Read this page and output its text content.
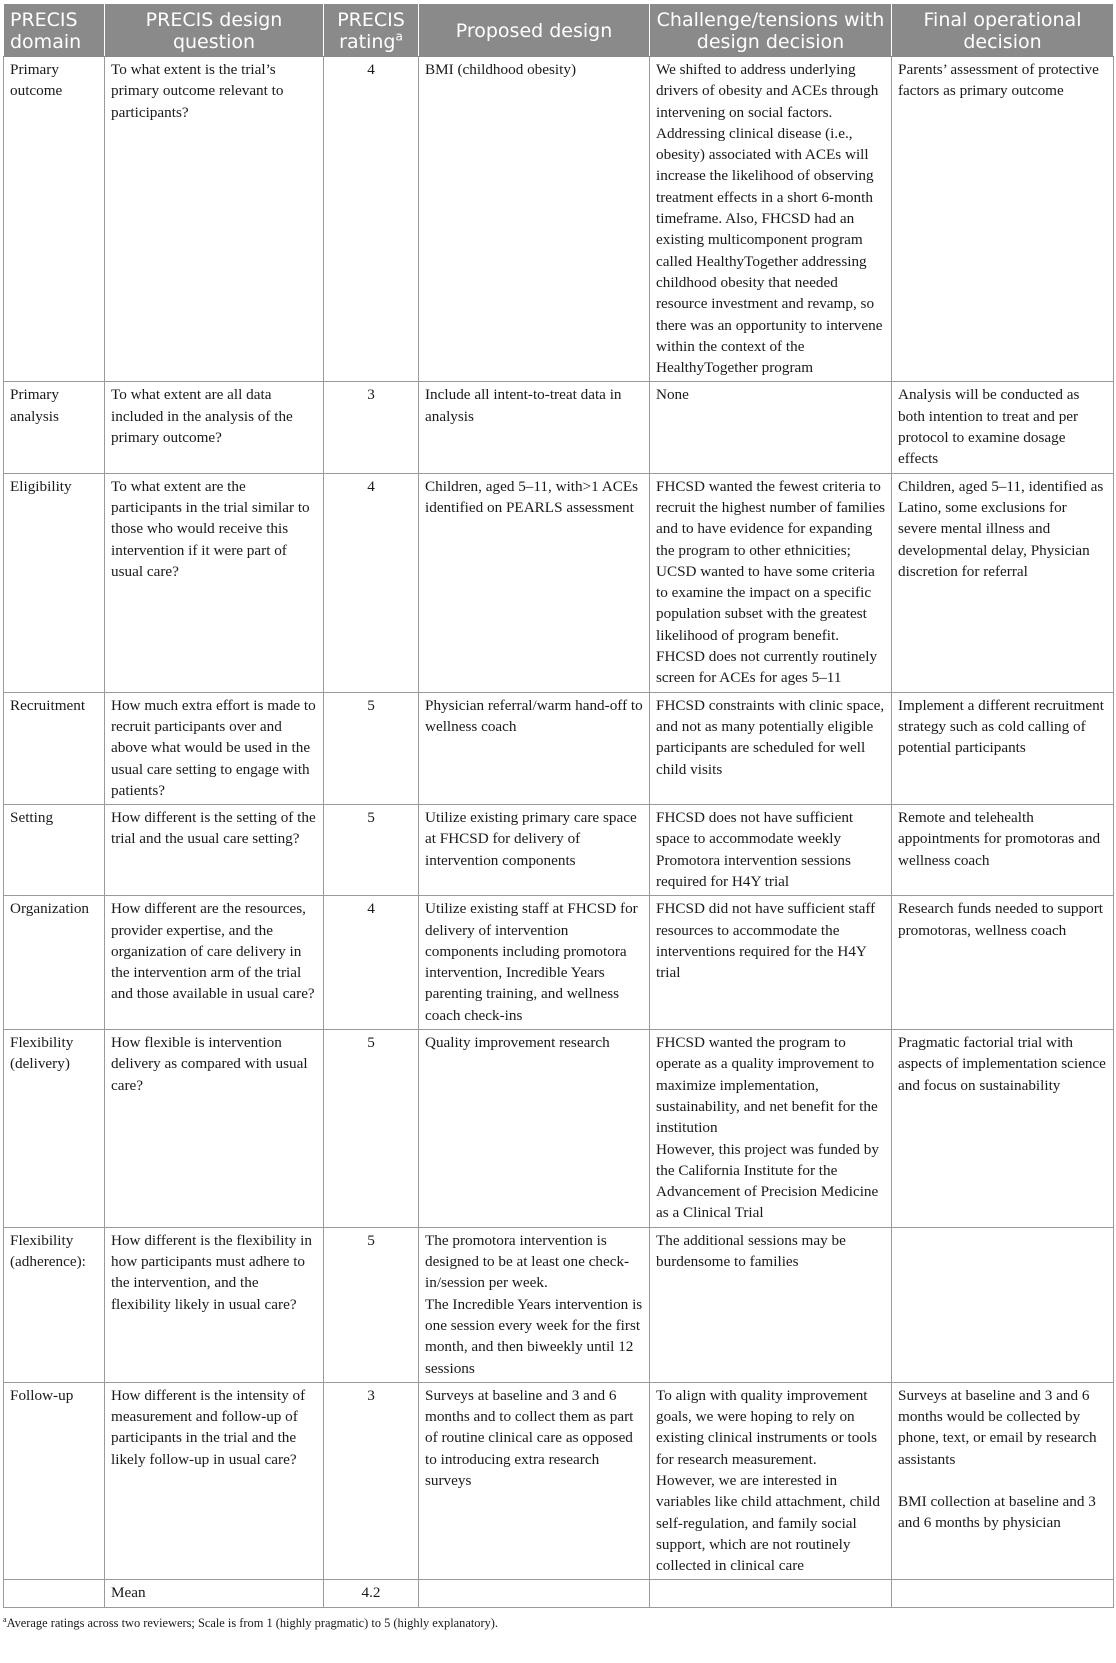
PRECIS domain	PRECIS design question	PRECIS rating$^a$	Proposed design	Challenge/tensions with design decision	Final operational decision

Primary outcome	To what extent is the trial’s primary outcome relevant to participants?	4	BMI (childhood obesity)	We shifted to address underlying drivers of obesity and ACEs through intervening on social factors. Addressing clinical disease (i.e., obesity) associated with ACEs will increase the likelihood of observing treatment effects in a short 6-month timeframe. Also, FHCSD had an existing multicomponent program called HealthyTogether addressing childhood obesity that needed resource investment and revamp, so there was an opportunity to intervene within the context of the HealthyTogether program	Parents’ assessment of protective factors as primary outcome

Primary analysis	To what extent are all data included in the analysis of the primary outcome?	3	Include all intent-to-treat data in analysis	None	Analysis will be conducted as both intention to treat and per protocol to examine dosage effects

Eligibility	To what extent are the participants in the trial similar to those who would receive this intervention if it were part of usual care?	4	Children, aged 5–11, with>1 ACEs identified on PEARLS assessment	FHCSD wanted the fewest criteria to recruit the highest number of families and to have evidence for expanding the program to other ethnicities; UCSD wanted to have some criteria to examine the impact on a specific population subset with the greatest likelihood of program benefit. FHCSD does not currently routinely screen for ACEs for ages 5–11	Children, aged 5–11, identified as Latino, some exclusions for severe mental illness and developmental delay, Physician discretion for referral

Recruitment	How much extra effort is made to recruit participants over and above what would be used in the usual care setting to engage with patients?	5	Physician referral/warm hand-off to wellness coach	FHCSD constraints with clinic space, and not as many potentially eligible participants are scheduled for well child visits	Implement a different recruitment strategy such as cold calling of potential participants

Setting	How different is the setting of the trial and the usual care setting?	5	Utilize existing primary care space at FHCSD for delivery of intervention components	FHCSD does not have sufficient space to accommodate weekly Promotora intervention sessions required for H4Y trial	Remote and telehealth appointments for promotoras and wellness coach

Organization	How different are the resources, provider expertise, and the organization of care delivery in the intervention arm of the trial and those available in usual care?	4	Utilize existing staff at FHCSD for delivery of intervention components including promotora intervention, Incredible Years parenting training, and wellness coach check-ins	FHCSD did not have sufficient staff resources to accommodate the interventions required for the H4Y trial	Research funds needed to support promotoras, wellness coach

Flexibility (delivery)	How flexible is intervention delivery as compared with usual care?	5	Quality improvement research	FHCSD wanted the program to operate as a quality improvement to maximize implementation, sustainability, and net benefit for the institution
However, this project was funded by the California Institute for the Advancement of Precision Medicine as a Clinical Trial	Pragmatic factorial trial with aspects of implementation science and focus on sustainability

Flexibility (adherence):	How different is the flexibility in how participants must adhere to the intervention, and the flexibility likely in usual care?	5	The promotora intervention is designed to be at least one check-in/session per week.
The Incredible Years intervention is one session every week for the first month, and then biweekly until 12 sessions	The additional sessions may be burdensome to families	

Follow-up	How different is the intensity of measurement and follow-up of participants in the trial and the likely follow-up in usual care?	3	Surveys at baseline and 3 and 6 months and to collect them as part of routine clinical care as opposed to introducing extra research surveys	To align with quality improvement goals, we were hoping to rely on existing clinical instruments or tools for research measurement.
However, we are interested in variables like child attachment, child self-regulation, and family social support, which are not routinely collected in clinical care	Surveys at baseline and 3 and 6 months would be collected by phone, text, or email by research assistants
BMI collection at baseline and 3 and 6 months by physician

	Mean	4.2			

$^a$Average ratings across two reviewers; Scale is from 1 (highly pragmatic) to 5 (highly explanatory).
